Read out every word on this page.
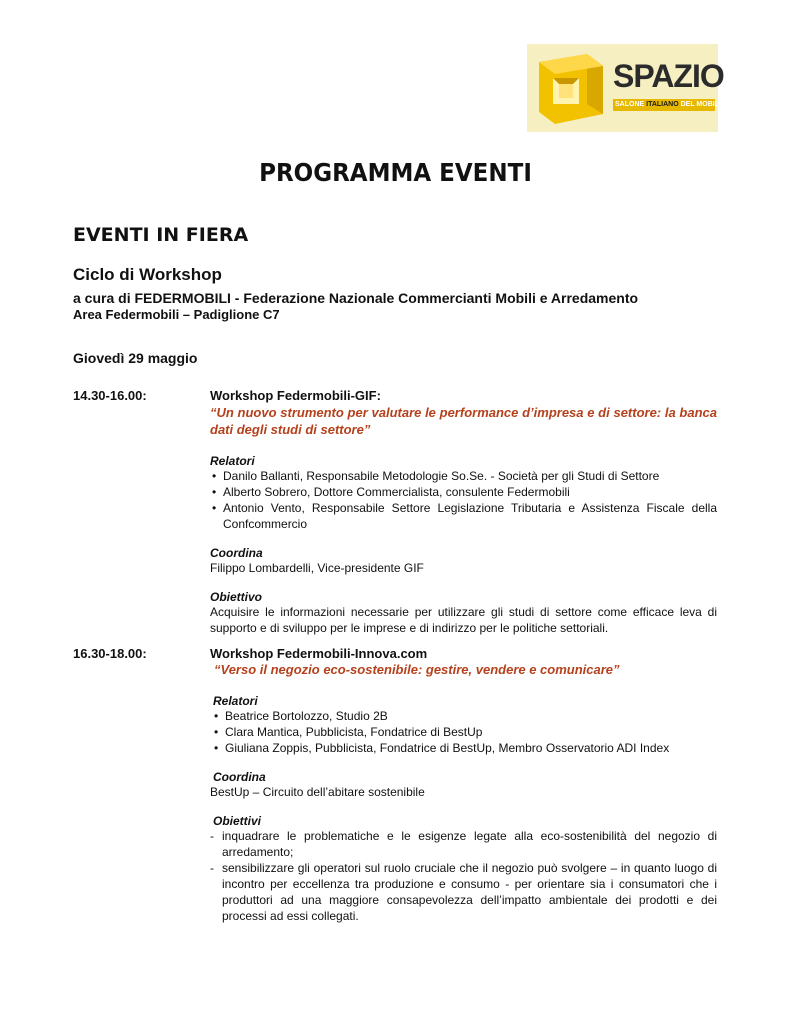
SPAZIO
SALONE ITALIANO DEL MOBILE
PROGRAMMA EVENTI
EVENTI IN FIERA
Ciclo di Workshop
a cura di FEDERMOBILI - Federazione Nazionale Commercianti Mobili e Arredamento
Area Federmobili – Padiglione C7
Giovedì 29 maggio
14.30-16.00:	Workshop Federmobili-GIF:
“Un nuovo strumento per valutare le performance d’impresa e di settore: la banca dati degli studi di settore”
Relatori
• Danilo Ballanti, Responsabile Metodologie So.Se. - Società per gli Studi di Settore
• Alberto Sobrero, Dottore Commercialista, consulente Federmobili
• Antonio Vento, Responsabile Settore Legislazione Tributaria e Assistenza Fiscale della Confcommercio
Coordina
Filippo Lombardelli, Vice-presidente GIF
Obiettivo
Acquisire le informazioni necessarie per utilizzare gli studi di settore come efficace leva di supporto e di sviluppo per le imprese e di indirizzo per le politiche settoriali.
16.30-18.00:	Workshop Federmobili-Innova.com
“Verso il negozio eco-sostenibile: gestire, vendere e comunicare”
Relatori
• Beatrice Bortolozzo, Studio 2B
• Clara Mantica, Pubblicista, Fondatrice di BestUp
• Giuliana Zoppis, Pubblicista, Fondatrice di BestUp, Membro Osservatorio ADI Index
Coordina
BestUp – Circuito dell’abitare sostenibile
Obiettivi
- inquadrare le problematiche e le esigenze legate alla eco-sostenibilità del negozio di arredamento;
- sensibilizzare gli operatori sul ruolo cruciale che il negozio può svolgere – in quanto luogo di incontro per eccellenza tra produzione e consumo - per orientare sia i consumatori che i produttori ad una maggiore consapevolezza dell’impatto ambientale dei prodotti e dei processi ad essi collegati.
